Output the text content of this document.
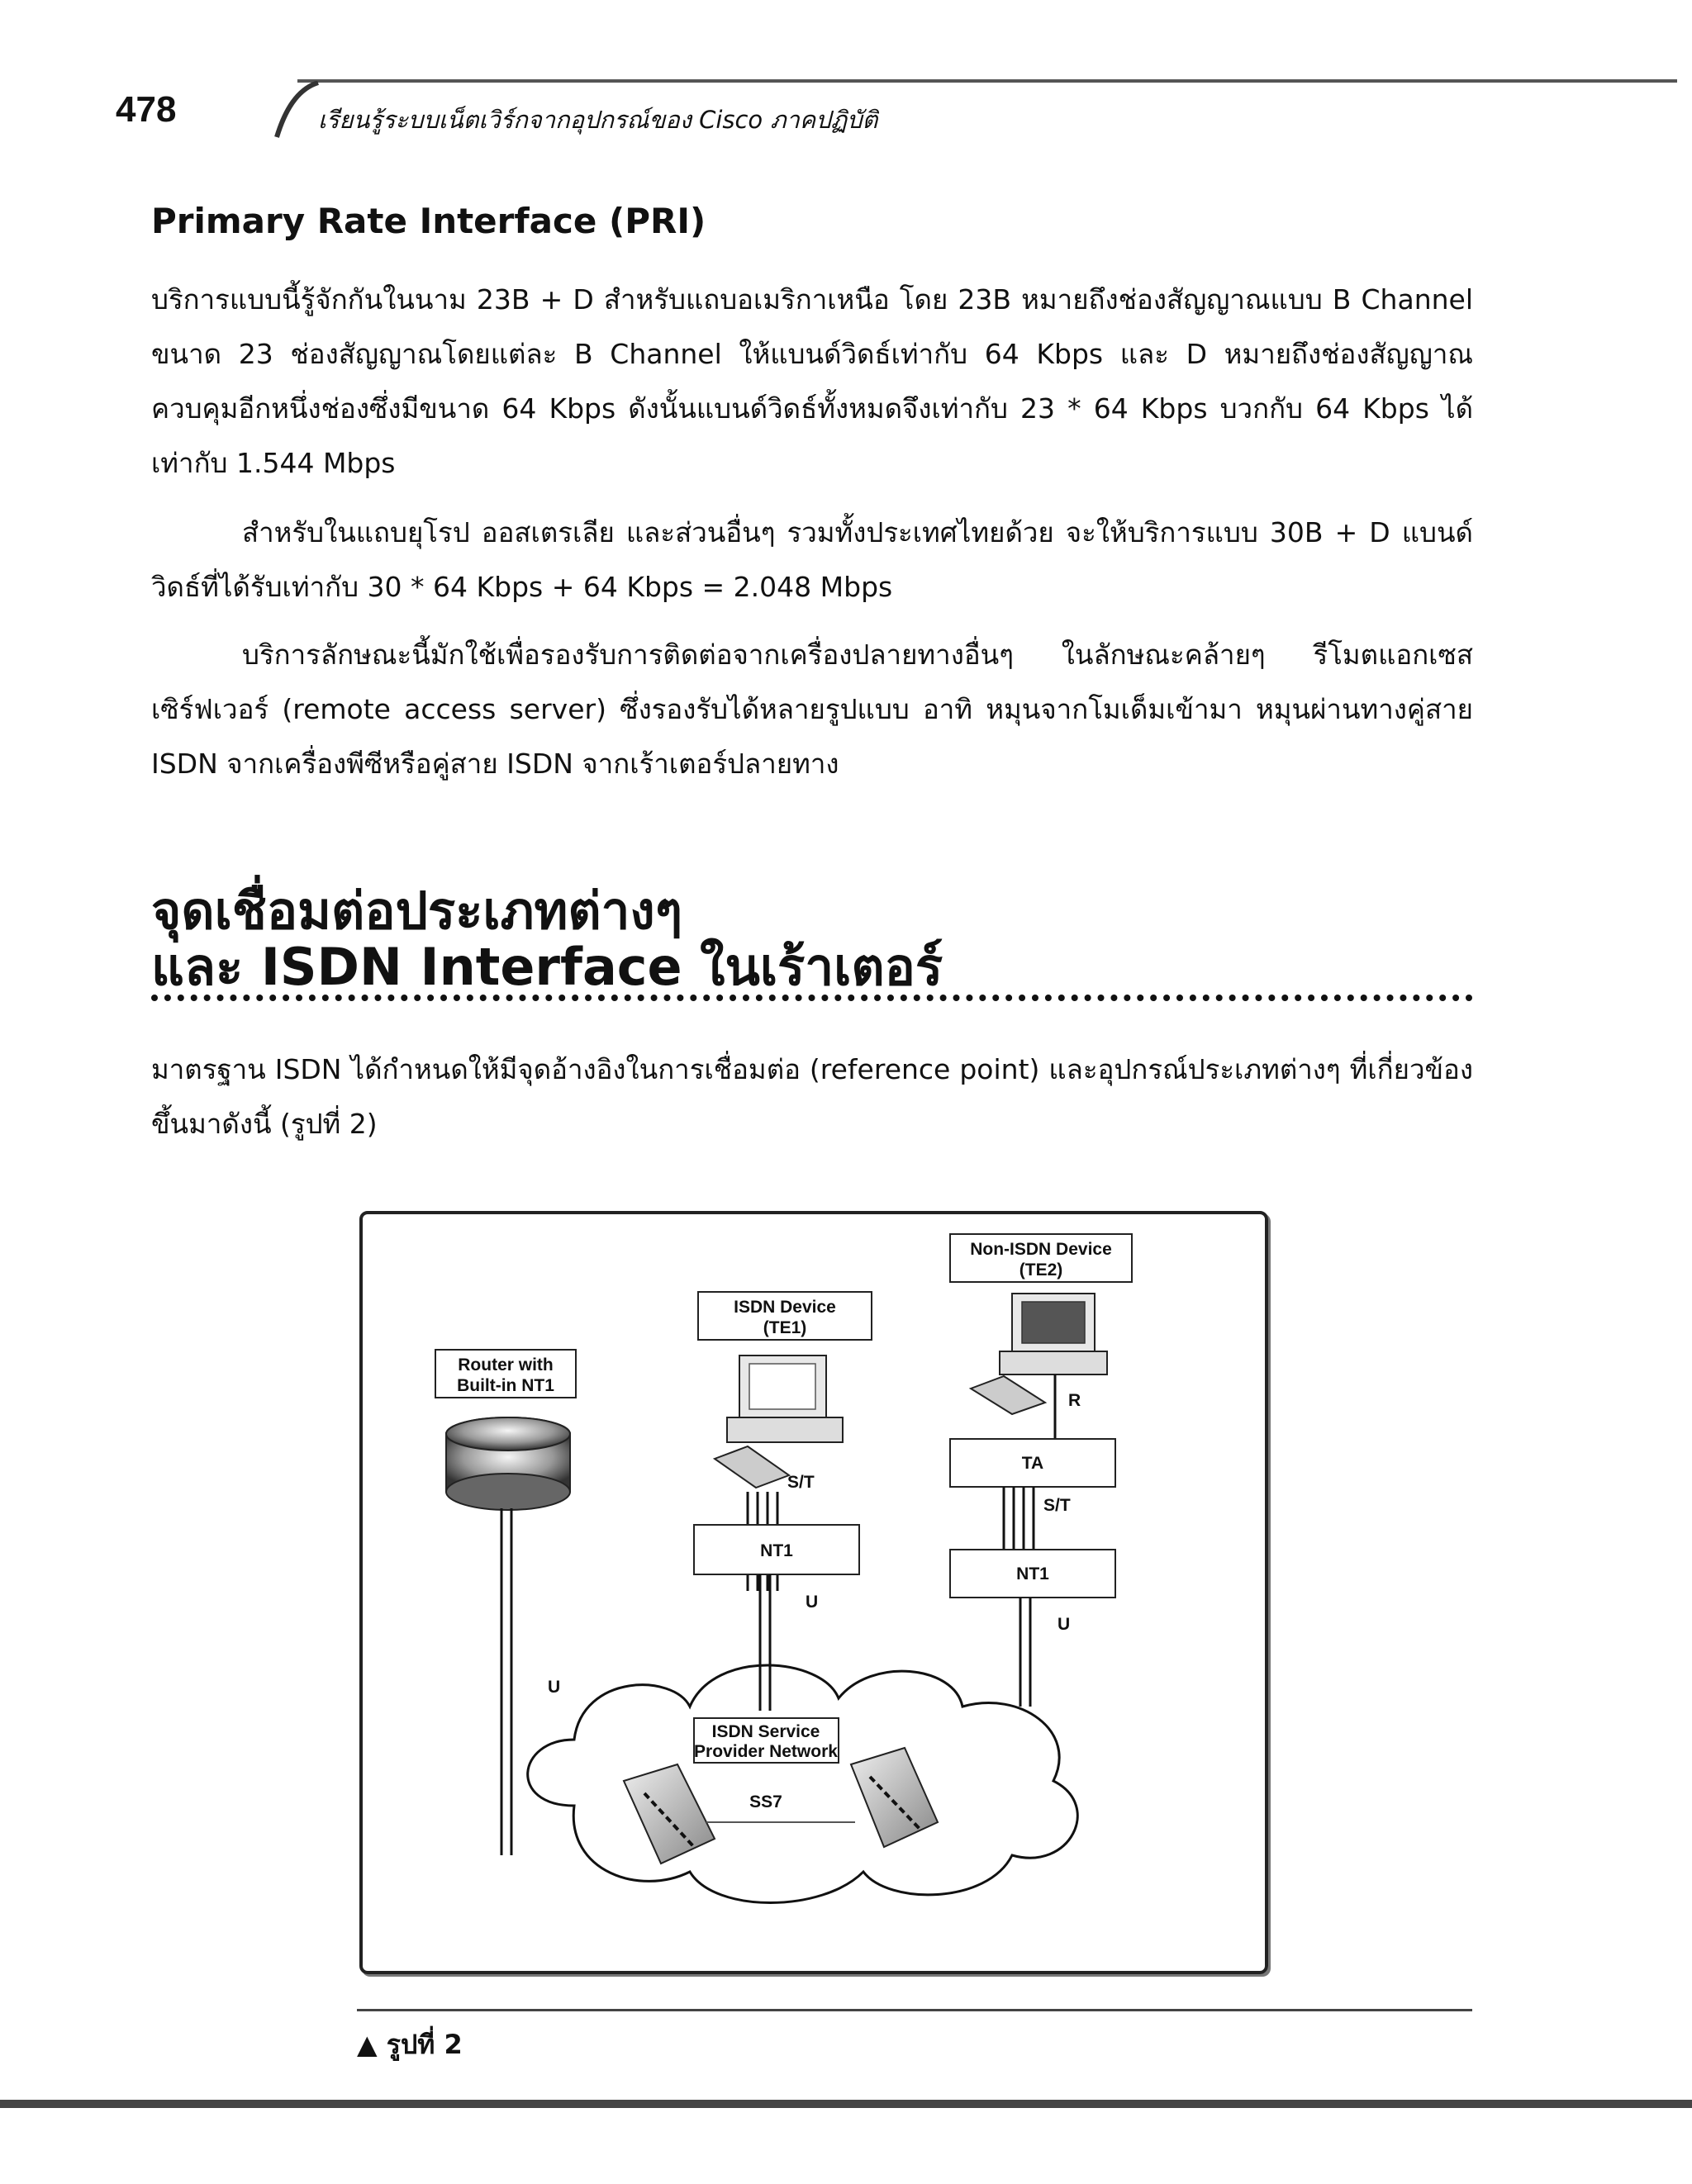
478	เรียนรู้ระบบเน็ตเวิร์กจากอุปกรณ์ของ Cisco ภาคปฏิบัติ
Primary Rate Interface (PRI)
บริการแบบนี้รู้จักกันในนาม 23B + D สำหรับแถบอเมริกาเหนือ โดย 23B หมายถึงช่องสัญญาณแบบ B Channel ขนาด 23 ช่องสัญญาณโดยแต่ละ B Channel ให้แบนด์วิดธ์เท่ากับ 64 Kbps และ D หมายถึงช่องสัญญาณควบคุมอีกหนึ่งช่องซึ่งมีขนาด 64 Kbps ดังนั้นแบนด์วิดธ์ทั้งหมดจึงเท่ากับ 23 * 64 Kbps บวกกับ 64 Kbps ได้เท่ากับ 1.544 Mbps
สำหรับในแถบยุโรป ออสเตรเลีย และส่วนอื่นๆ รวมทั้งประเทศไทยด้วย จะให้บริการแบบ 30B + D แบนด์วิดธ์ที่ได้รับเท่ากับ 30 * 64 Kbps + 64 Kbps = 2.048 Mbps
บริการลักษณะนี้มักใช้เพื่อรองรับการติดต่อจากเครื่องปลายทางอื่นๆ ในลักษณะคล้ายๆ รีโมตแอกเซสเซิร์ฟเวอร์ (remote access server) ซึ่งรองรับได้หลายรูปแบบ อาทิ หมุนจากโมเด็มเข้ามา หมุนผ่านทางคู่สาย ISDN จากเครื่องพีซีหรือคู่สาย ISDN จากเร้าเตอร์ปลายทาง
จุดเชื่อมต่อประเภทต่างๆ
และ ISDN Interface ในเร้าเตอร์
มาตรฐาน ISDN ได้กำหนดให้มีจุดอ้างอิงในการเชื่อมต่อ (reference point) และอุปกรณ์ประเภทต่างๆ ที่เกี่ยวข้องขึ้นมาดังนี้ (รูปที่ 2)
Router with
Built-in NT1
U
ISDN Device
(TE1)
S/T
NT1
U
Non-ISDN Device
(TE2)
R
TA
S/T
NT1
U
ISDN Service
Provider Network
SS7
▲ รูปที่ 2
